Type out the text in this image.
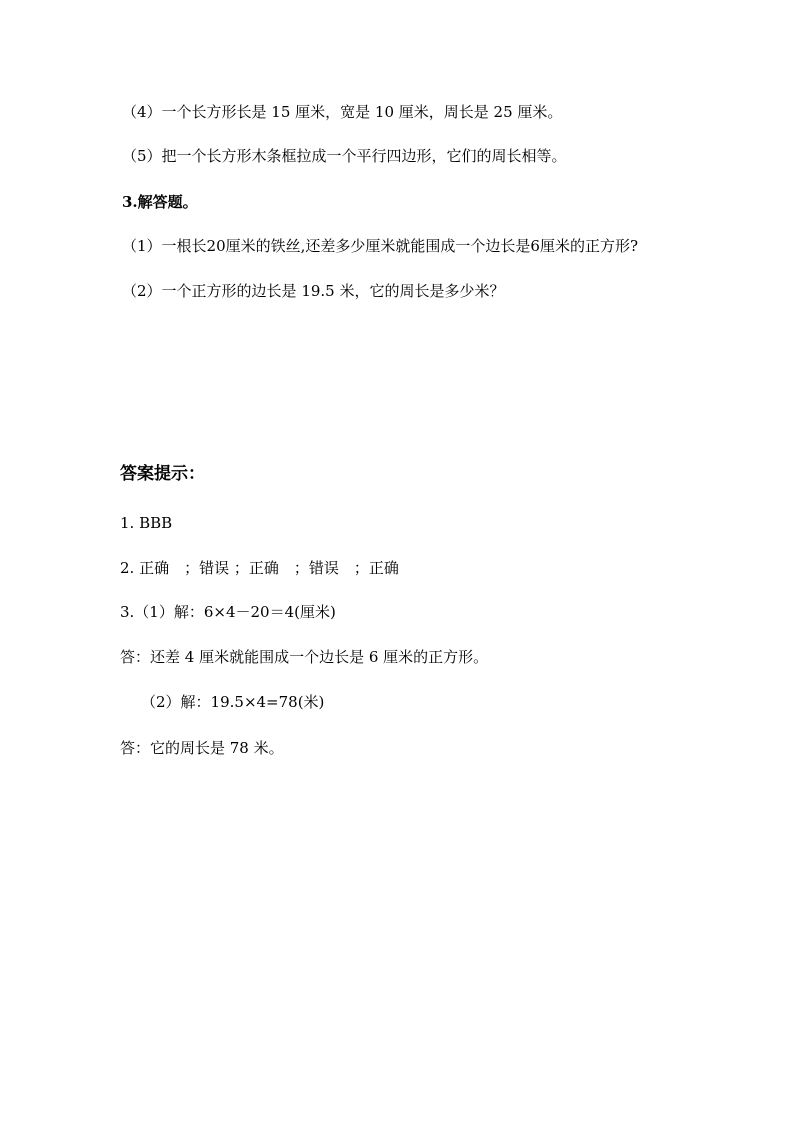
（4）一个长方形长是 15 厘米，宽是 10 厘米，周长是 25 厘米。
（5）把一个长方形木条框拉成一个平行四边形，它们的周长相等。
3.解答题。
（1）一根长20厘米的铁丝,还差多少厘米就能围成一个边长是6厘米的正方形?
（2）一个正方形的边长是 19.5 米，它的周长是多少米？
答案提示：
1. BBB
2. 正确　；错误 ；正确　；错误　；正确
3.（1）解：6×4－20＝4(厘米)
答：还差 4 厘米就能围成一个边长是 6 厘米的正方形。
（2）解：19.5×4=78(米)
答：它的周长是 78 米。
